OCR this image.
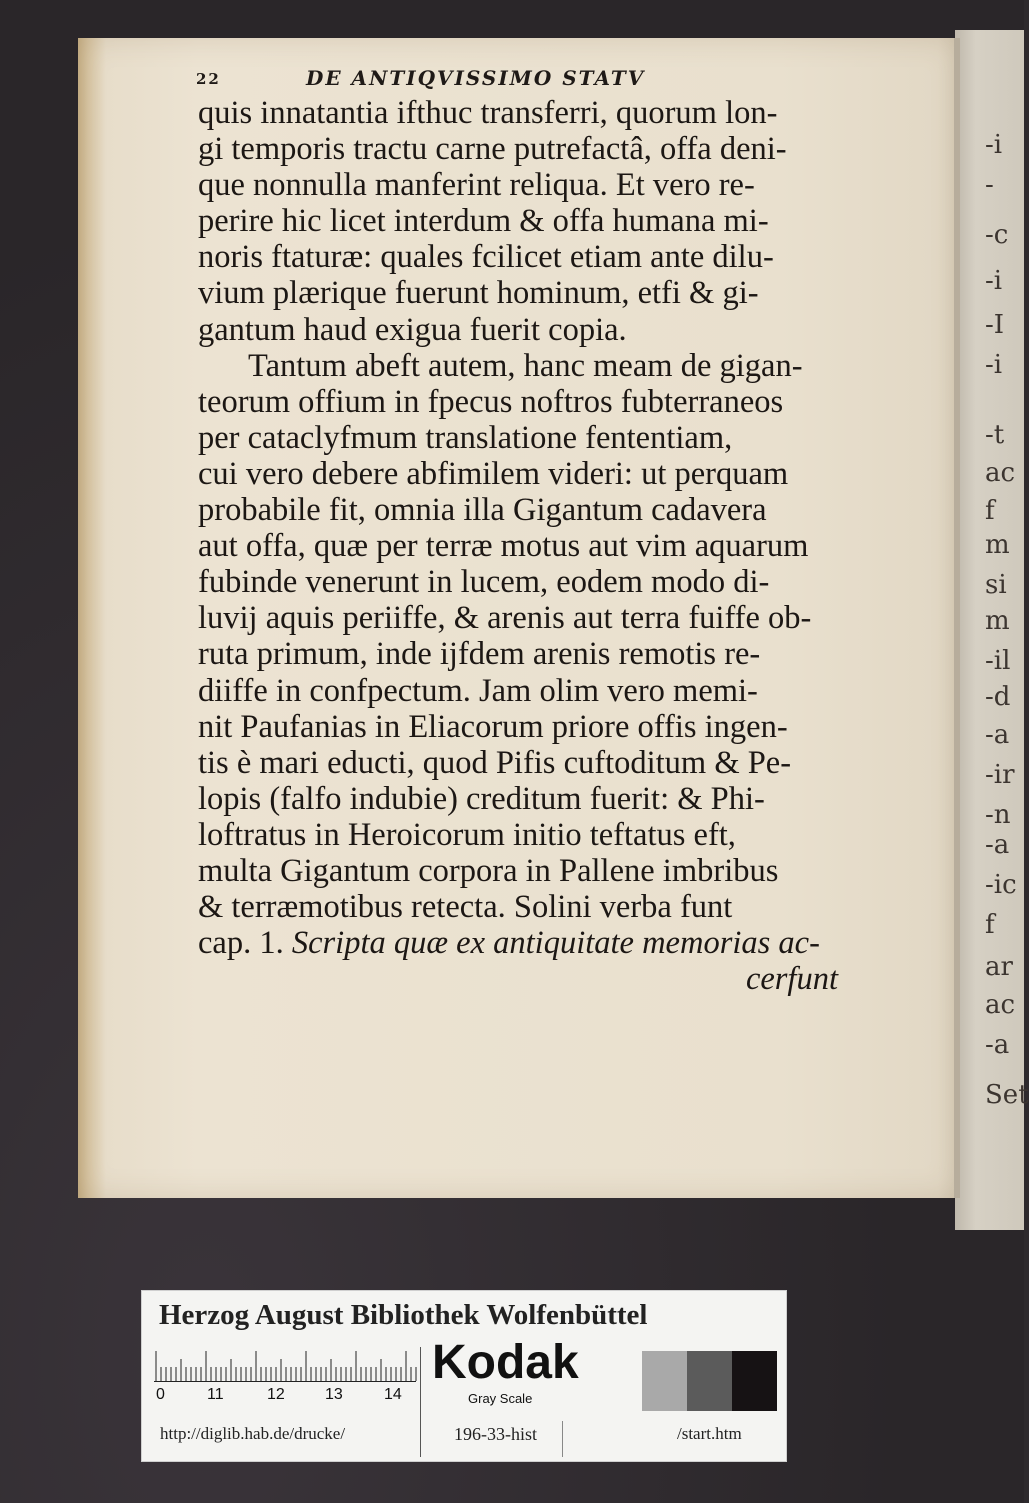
-i
-
-c
-i
-I
-i
-t
ac
f
m
si
m
-il
-d
-a
-ir
-n
-a
-ic
f
ar
ac
-a
Set
22	DE ANTIQVISSIMO STATV
quis innatantia ifthuc transferri, quorum lon-
gi temporis tractu carne putrefactâ, offa deni-
que nonnulla manferint reliqua. Et vero re-
perire hic licet interdum & offa humana mi-
noris ftaturæ: quales fcilicet etiam ante dilu-
vium plærique fuerunt hominum, etfi & gi-
gantum haud exigua fuerit copia.
Tantum abeft autem, hanc meam de gigan-
teorum offium in fpecus noftros fubterraneos
per cataclyfmum translatione fententiam,
cui vero debere abfimilem videri: ut perquam
probabile fit, omnia illa Gigantum cadavera
aut offa, quæ per terræ motus aut vim aquarum
fubinde venerunt in lucem, eodem modo di-
luvij aquis periiffe, & arenis aut terra fuiffe ob-
ruta primum, inde ijfdem arenis remotis re-
diiffe in confpectum. Jam olim vero memi-
nit Paufanias in Eliacorum priore offis ingen-
tis è mari educti, quod Pifis cuftoditum & Pe-
lopis (falfo indubie) creditum fuerit: & Phi-
loftratus in Heroicorum initio teftatus eft,
multa Gigantum corpora in Pallene imbribus
& terræmotibus retecta. Solini verba funt
cap. 1. Scripta quæ ex antiquitate memorias ac-
cerfunt
Herzog August Bibliothek Wolfenbüttel
0	11	12	13	14
Kodak
Gray Scale
http://diglib.hab.de/drucke/	196-33-hist	/start.htm
